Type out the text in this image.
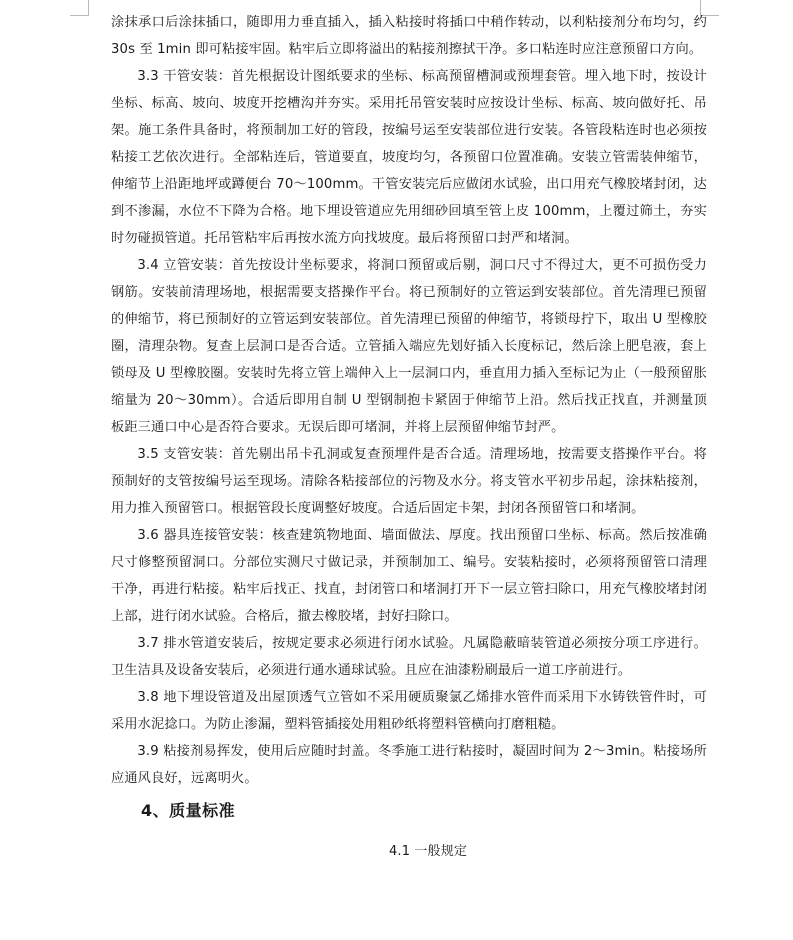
涂抹承口后涂抹插口，随即用力垂直插入，插入粘接时将插口中稍作转动，以利粘接剂分布均匀，约 30s 至 1min 即可粘接牢固。粘牢后立即将溢出的粘接剂擦拭干净。多口粘连时应注意预留口方向。

3.3 干管安装：首先根据设计图纸要求的坐标、标高预留槽洞或预埋套管。埋入地下时，按设计坐标、标高、坡向、坡度开挖槽沟并夯实。采用托吊管安装时应按设计坐标、标高、坡向做好托、吊架。施工条件具备时，将预制加工好的管段，按编号运至安装部位进行安装。各管段粘连时也必须按粘接工艺依次进行。全部粘连后，管道要直，坡度均匀，各预留口位置准确。安装立管需装伸缩节，伸缩节上沿距地坪或蹲便台 70～100mm。干管安装完后应做闭水试验，出口用充气橡胶堵封闭，达到不渗漏，水位不下降为合格。地下埋设管道应先用细砂回填至管上皮 100mm，上覆过筛土，夯实时勿碰损管道。托吊管粘牢后再按水流方向找坡度。最后将预留口封严和堵洞。

3.4 立管安装：首先按设计坐标要求，将洞口预留或后剔，洞口尺寸不得过大，更不可损伤受力钢筋。安装前清理场地，根据需要支搭操作平台。将已预制好的立管运到安装部位。首先清理已预留的伸缩节，将已预制好的立管运到安装部位。首先清理已预留的伸缩节，将锁母拧下，取出 U 型橡胶圈，清理杂物。复查上层洞口是否合适。立管插入端应先划好插入长度标记，然后涂上肥皂液，套上锁母及 U 型橡胶圈。安装时先将立管上端伸入上一层洞口内，垂直用力插入至标记为止（一般预留胀缩量为 20～30mm）。合适后即用自制 U 型钢制抱卡紧固于伸缩节上沿。然后找正找直，并测量顶板距三通口中心是否符合要求。无误后即可堵洞，并将上层预留伸缩节封严。

3.5 支管安装：首先剔出吊卡孔洞或复查预埋件是否合适。清理场地，按需要支搭操作平台。将预制好的支管按编号运至现场。清除各粘接部位的污物及水分。将支管水平初步吊起，涂抹粘接剂，用力推入预留管口。根据管段长度调整好坡度。合适后固定卡架，封闭各预留管口和堵洞。

3.6 器具连接管安装：核查建筑物地面、墙面做法、厚度。找出预留口坐标、标高。然后按准确尺寸修整预留洞口。分部位实测尺寸做记录，并预制加工、编号。安装粘接时，必须将预留管口清理干净，再进行粘接。粘牢后找正、找直，封闭管口和堵洞打开下一层立管扫除口，用充气橡胶堵封闭上部，进行闭水试验。合格后，撤去橡胶堵，封好扫除口。

3.7 排水管道安装后，按规定要求必须进行闭水试验。凡属隐蔽暗装管道必须按分项工序进行。卫生洁具及设备安装后，必须进行通水通球试验。且应在油漆粉刷最后一道工序前进行。

3.8 地下埋设管道及出屋顶透气立管如不采用硬质聚氯乙烯排水管件而采用下水铸铁管件时，可采用水泥捻口。为防止渗漏，塑料管插接处用粗砂纸将塑料管横向打磨粗糙。

3.9 粘接剂易挥发，使用后应随时封盖。冬季施工进行粘接时，凝固时间为 2～3min。粘接场所应通风良好，远离明火。

4、质量标准
4.1 一般规定
